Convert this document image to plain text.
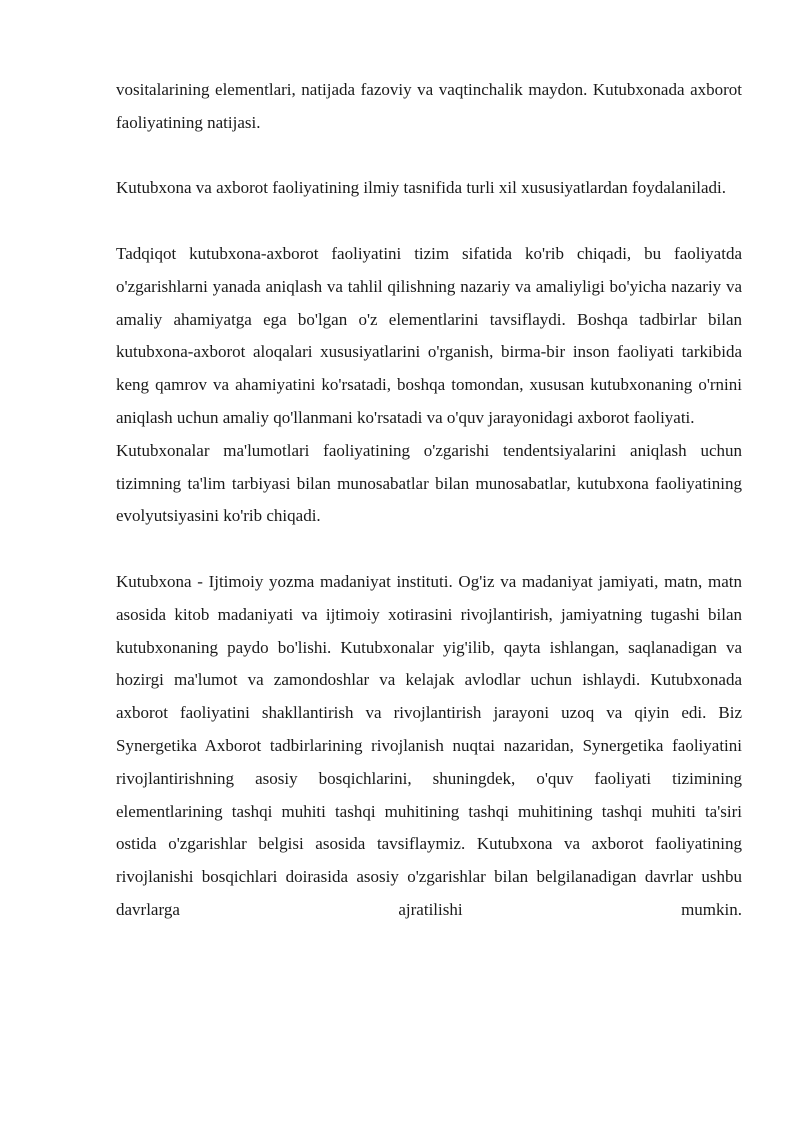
vositalarining elementlari, natijada fazoviy va vaqtinchalik maydon. Kutubxonada axborot faoliyatining natijasi.

Kutubxona va axborot faoliyatining ilmiy tasnifida turli xil xususiyatlardan foydalaniladi.

Tadqiqot kutubxona-axborot faoliyatini tizim sifatida ko'rib chiqadi, bu faoliyatda o'zgarishlarni yanada aniqlash va tahlil qilishning nazariy va amaliyligi bo'yicha nazariy va amaliy ahamiyatga ega bo'lgan o'z elementlarini tavsiflaydi. Boshqa tadbirlar bilan kutubxona-axborot aloqalari xususiyatlarini o'rganish, birma-bir inson faoliyati tarkibida keng qamrov va ahamiyatini ko'rsatadi, boshqa tomondan, xususan kutubxonaning o'rnini aniqlash uchun amaliy qo'llanmani ko'rsatadi va o'quv jarayonidagi axborot faoliyati.

Kutubxonalar ma'lumotlari faoliyatining o'zgarishi tendentsiyalarini aniqlash uchun tizimning ta'lim tarbiyasi bilan munosabatlar bilan munosabatlar, kutubxona faoliyatining evolyutsiyasini ko'rib chiqadi.

Kutubxona - Ijtimoiy yozma madaniyat instituti. Og'iz va madaniyat jamiyati, matn, matn asosida kitob madaniyati va ijtimoiy xotirasini rivojlantirish, jamiyatning tugashi bilan kutubxonaning paydo bo'lishi. Kutubxonalar yig'ilib, qayta ishlangan, saqlanadigan va hozirgi ma'lumot va zamondoshlar va kelajak avlodlar uchun ishlaydi. Kutubxonada axborot faoliyatini shakllantirish va rivojlantirish jarayoni uzoq va qiyin edi. Biz Synergetika Axborot tadbirlarining rivojlanish nuqtai nazaridan, Synergetika faoliyatini rivojlantirishning asosiy bosqichlarini, shuningdek, o'quv faoliyati tizimining elementlarining tashqi muhiti tashqi muhitining tashqi muhitining tashqi muhiti ta'siri ostida o'zgarishlar belgisi asosida tavsiflaymiz. Kutubxona va axborot faoliyatining rivojlanishi bosqichlari doirasida asosiy o'zgarishlar bilan belgilanadigan davrlar ushbu davrlarga ajratilishi mumkin.
